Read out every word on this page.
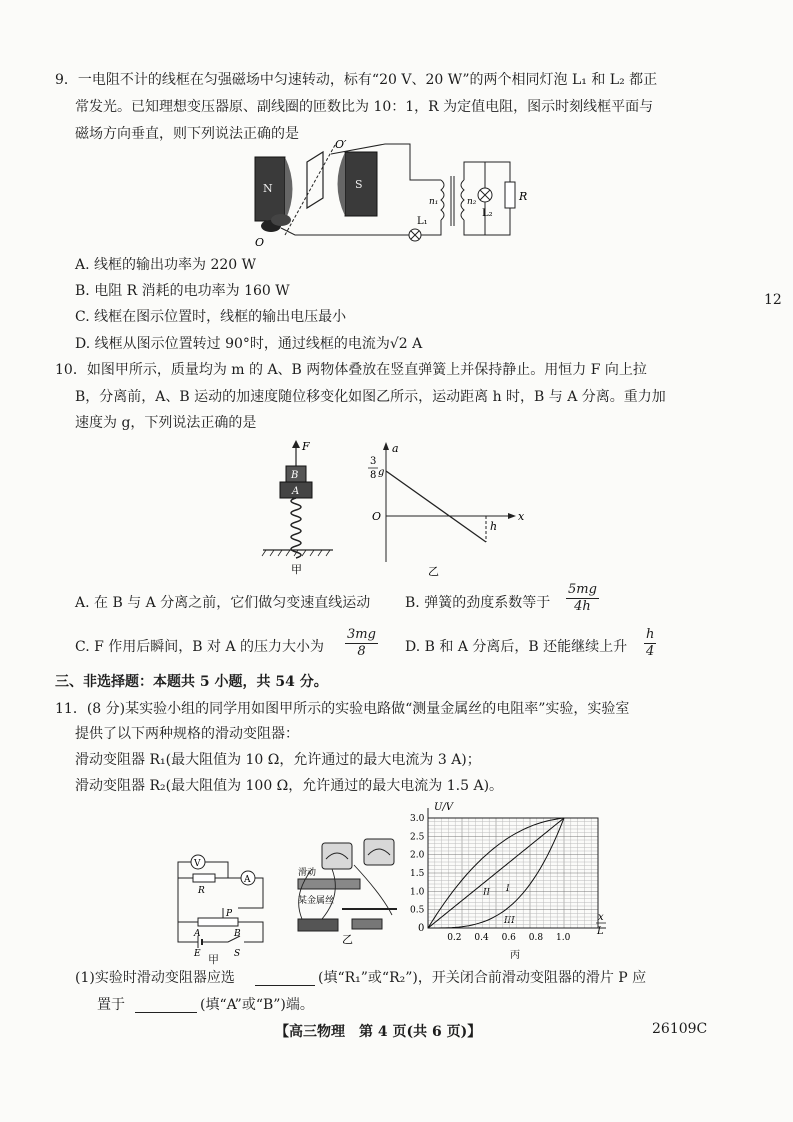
9．一电阻不计的线框在匀强磁场中匀速转动，标有“20 V、20 W”的两个相同灯泡 L₁ 和 L₂ 都正
常发光。已知理想变压器原、副线圈的匝数比为 10：1，R 为定值电阻，图示时刻线框平面与
磁场方向垂直，则下列说法正确的是
N	S
O′
O
L₁
n₁	n₂
L₂
R
A. 线框的输出功率为 220 W
B. 电阻 R 消耗的电功率为 160 W
C. 线框在图示位置时，线框的输出电压最小
D. 线框从图示位置转过 90°时，通过线框的电流为√2 A
12
10．如图甲所示，质量均为 m 的 A、B 两物体叠放在竖直弹簧上并保持静止。用恒力 F 向上拉
B，分离前，A、B 运动的加速度随位移变化如图乙所示，运动距离 h 时，B 与 A 分离。重力加
速度为 g，下列说法正确的是
F
B
A
甲
a
x
O
3
8 g
h
乙
A. 在 B 与 A 分离之前，它们做匀变速直线运动 B. 弹簧的劲度系数等于 $\frac{5mg}{4h}$
C. F 作用后瞬间，B 对 A 的压力大小为 $\frac{3mg}{8} D$. B 和 A 分离后，B 还能继续上升 $\frac{h}{4}$
三、非选择题：本题共 5 小题，共 54 分。
11．(8 分)某实验小组的同学用如图甲所示的实验电路做“测量金属丝的电阻率”实验，实验室
提供了以下两种规格的滑动变阻器：
滑动变阻器 R₁(最大阻值为 10 Ω，允许通过的最大电流为 3 A)；
滑动变阻器 R₂(最大阻值为 100 Ω，允许通过的最大电流为 1.5 A)。
V
A
R
P
A	B
E	S
甲
滑动
某金属丝
乙
U/V
0
x
L
0.5
1.0
1.5
2.0
2.5
3.0
0.2 0.4 0.6 0.8 1.0
II I
III
丙
(1)实验时滑动变阻器应选	(填“R₁”或“R₂”)，开关闭合前滑动变阻器的滑片 P 应
置于	(填“A”或“B”)端。
【高三物理　第 4 页(共 6 页)】	26109C
